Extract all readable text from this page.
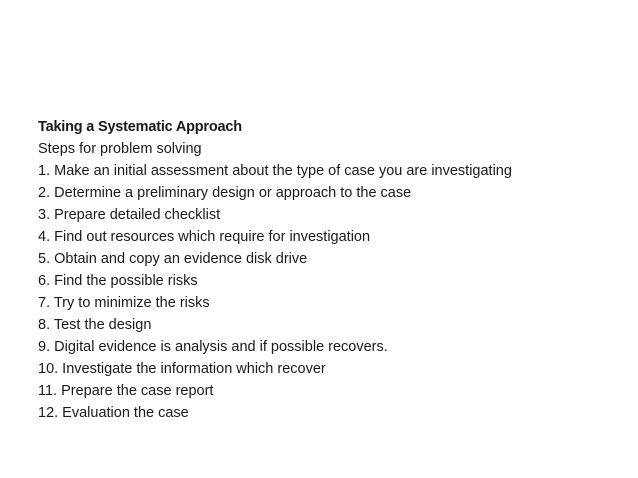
Taking a Systematic Approach
Steps for problem solving
1. Make an initial assessment about the type of case you are investigating
2. Determine a preliminary design or approach to the case
3. Prepare detailed checklist
4. Find out resources which require for investigation
5. Obtain and copy an evidence disk drive
6. Find the possible risks
7. Try to minimize the risks
8. Test the design
9. Digital evidence is analysis and if possible recovers.
10. Investigate the information which recover
11. Prepare the case report
12. Evaluation the case
